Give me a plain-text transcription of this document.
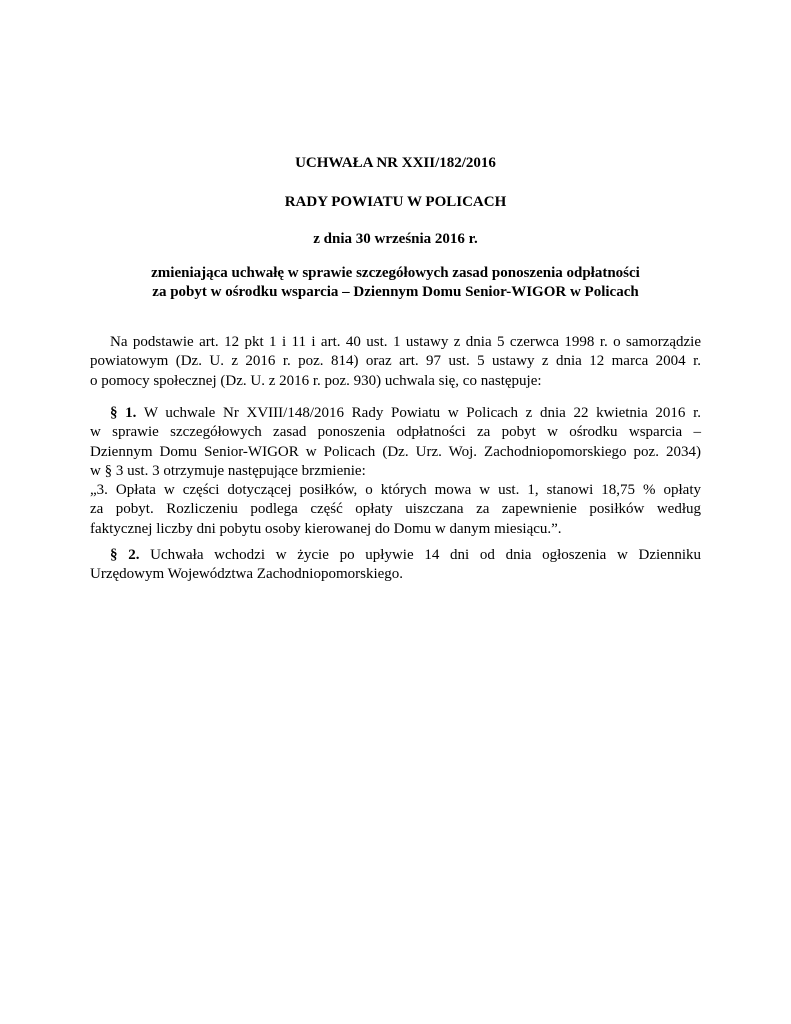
UCHWAŁA NR XXII/182/2016
RADY POWIATU W POLICACH
z dnia 30 września 2016 r.
zmieniająca uchwałę w sprawie szczegółowych zasad ponoszenia odpłatności
za pobyt w ośrodku wsparcia – Dziennym Domu Senior-WIGOR w Policach
Na podstawie art. 12 pkt 1 i 11 i art. 40 ust. 1 ustawy z dnia 5 czerwca 1998 r. o samorządzie
powiatowym (Dz. U. z 2016 r. poz. 814) oraz art. 97 ust. 5 ustawy z dnia 12 marca 2004 r.
o pomocy społecznej (Dz. U. z 2016 r. poz. 930) uchwala się, co następuje:
§ 1. W uchwale Nr XVIII/148/2016 Rady Powiatu w Policach z dnia 22 kwietnia 2016 r.
w sprawie szczegółowych zasad ponoszenia odpłatności za pobyt w ośrodku wsparcia –
Dziennym Domu Senior-WIGOR w Policach (Dz. Urz. Woj. Zachodniopomorskiego poz. 2034)
w § 3 ust. 3 otrzymuje następujące brzmienie:
„3. Opłata w części dotyczącej posiłków, o których mowa w ust. 1, stanowi 18,75 % opłaty
za pobyt. Rozliczeniu podlega część opłaty uiszczana za zapewnienie posiłków według
faktycznej liczby dni pobytu osoby kierowanej do Domu w danym miesiącu.”.
§ 2. Uchwała wchodzi w życie po upływie 14 dni od dnia ogłoszenia w Dzienniku
Urzędowym Województwa Zachodniopomorskiego.
